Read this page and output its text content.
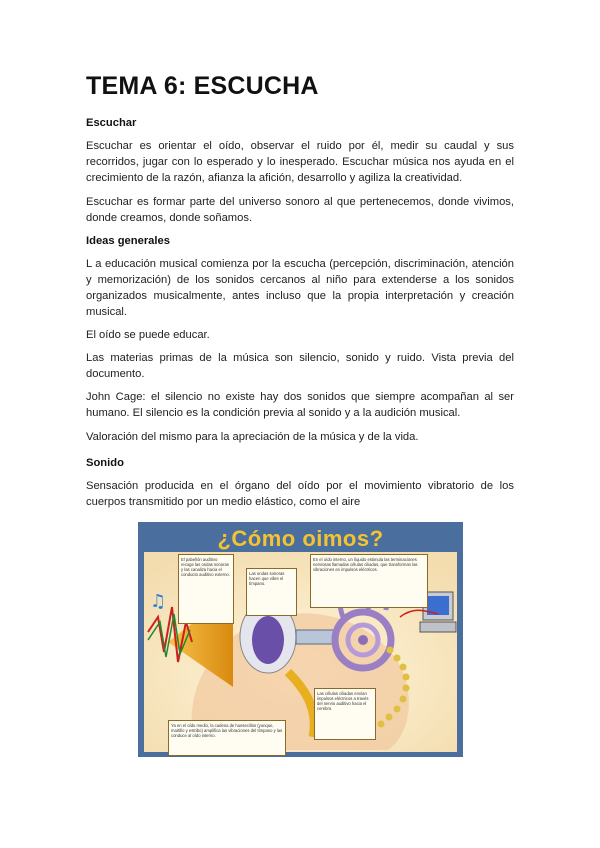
TEMA 6: ESCUCHA
Escuchar

Escuchar es orientar el oído, observar el ruido por él, medir su caudal y sus recorridos, jugar con lo esperado y lo inesperado. Escuchar música nos ayuda en el crecimiento de la razón, afianza la afición, desarrollo y agiliza la creatividad.

Escuchar es formar parte del universo sonoro al que pertenecemos, donde vivimos, donde creamos, donde soñamos.

Ideas generales

L a educación musical comienza por la escucha (percepción, discriminación, atención y memorización) de los sonidos cercanos al niño para extenderse a los sonidos organizados musicalmente, antes incluso que la propia interpretación y creación musical.

El oído se puede educar.

Las materias primas de la música son silencio, sonido y ruido. Vista previa del documento.

John Cage: el silencio no existe hay dos sonidos que siempre acompañan al ser humano. El silencio es la condición previa al sonido y a la audición musical.

Valoración del mismo para la apreciación de la música y de la vida.

Sonido

Sensación producida en el órgano del oído por el movimiento vibratorio de los cuerpos transmitido por un medio elástico, como el aire

♫
¿Cómo oimos?
El pabellón auditivo recoge las ondas sonoras y las canaliza hacia el conducto auditivo externo.	Las ondas sonoras hacen que vibre el tímpano.
En el oído interno, un líquido estimula las terminaciones nerviosas llamadas células ciliadas, que transforman las vibraciones en impulsos eléctricos.
Ya en el oído medio, la cadena de huesecillos (yunque, martillo y estribo) amplifica las vibraciones del tímpano y las conduce al oído interno.
Las células ciliadas envían impulsos eléctricos a través del nervio auditivo hacia el cerebro.
